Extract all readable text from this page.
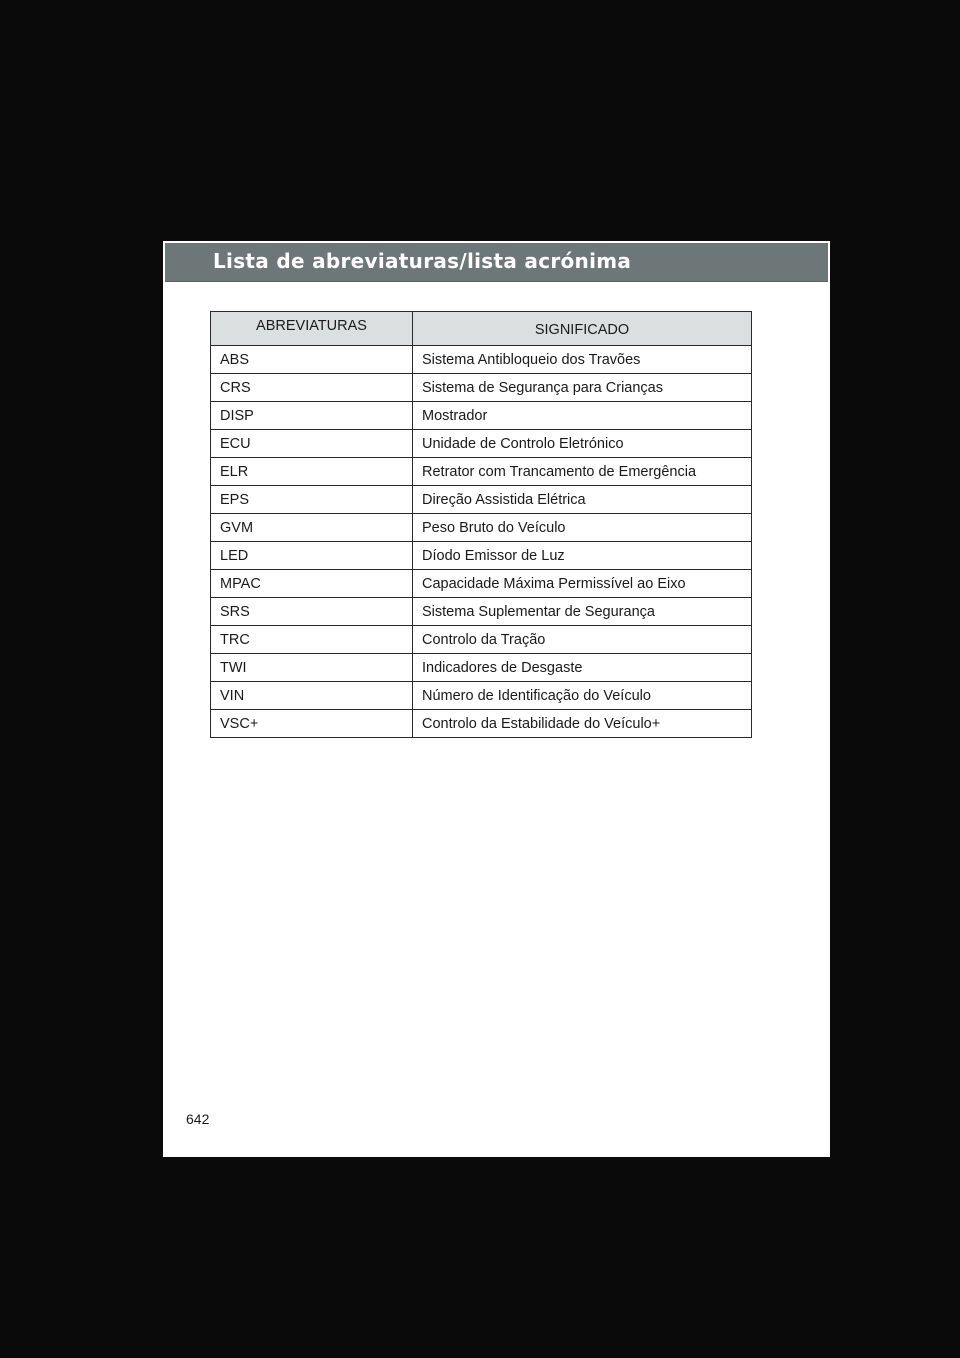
Lista de abreviaturas/lista acrónima
ABREVIATURAS	SIGNIFICADO
ABS	Sistema Antibloqueio dos Travões
CRS	Sistema de Segurança para Crianças
DISP	Mostrador
ECU	Unidade de Controlo Eletrónico
ELR	Retrator com Trancamento de Emergência
EPS	Direção Assistida Elétrica
GVM	Peso Bruto do Veículo
LED	Díodo Emissor de Luz
MPAC	Capacidade Máxima Permissível ao Eixo
SRS	Sistema Suplementar de Segurança
TRC	Controlo da Tração
TWI	Indicadores de Desgaste
VIN	Número de Identificação do Veículo
VSC+	Controlo da Estabilidade do Veículo+
642
